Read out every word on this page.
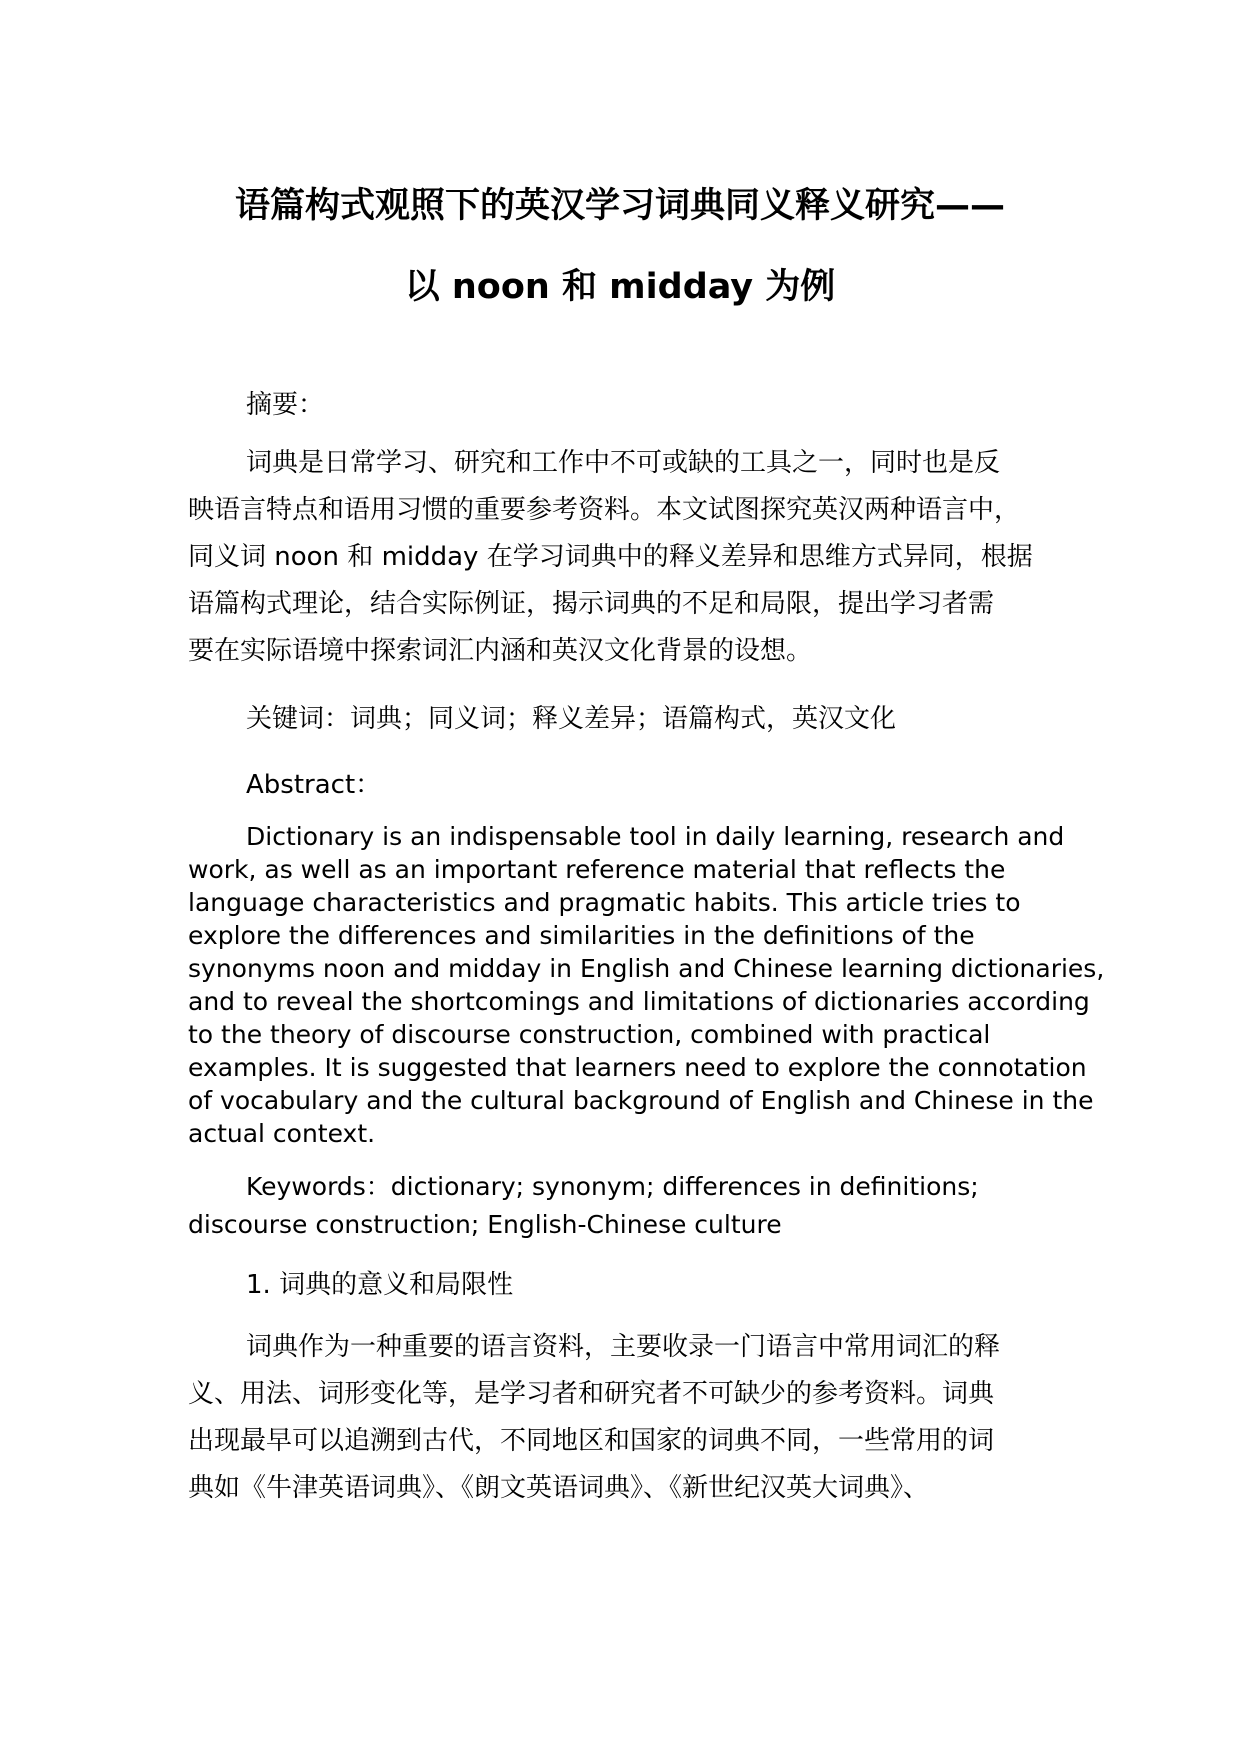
语篇构式观照下的英汉学习词典同义释义研究——
以 noon 和 midday 为例
摘要：
词典是日常学习、研究和工作中不可或缺的工具之一，同时也是反
映语言特点和语用习惯的重要参考资料。本文试图探究英汉两种语言中，
同义词 noon 和 midday 在学习词典中的释义差异和思维方式异同，根据
语篇构式理论，结合实际例证，揭示词典的不足和局限，提出学习者需
要在实际语境中探索词汇内涵和英汉文化背景的设想。
关键词：词典；同义词；释义差异；语篇构式，英汉文化
Abstract：
Dictionary is an indispensable tool in daily learning, research and
work, as well as an important reference material that reflects the
language characteristics and pragmatic habits. This article tries to
explore the differences and similarities in the definitions of the
synonyms noon and midday in English and Chinese learning dictionaries,
and to reveal the shortcomings and limitations of dictionaries according
to the theory of discourse construction, combined with practical
examples. It is suggested that learners need to explore the connotation
of vocabulary and the cultural background of English and Chinese in the
actual context.
Keywords：dictionary; synonym; differences in definitions;
discourse construction; English-Chinese culture
1. 词典的意义和局限性
词典作为一种重要的语言资料，主要收录一门语言中常用词汇的释
义、用法、词形变化等，是学习者和研究者不可缺少的参考资料。词典
出现最早可以追溯到古代，不同地区和国家的词典不同，一些常用的词
典如《牛津英语词典》、《朗文英语词典》、《新世纪汉英大词典》、
